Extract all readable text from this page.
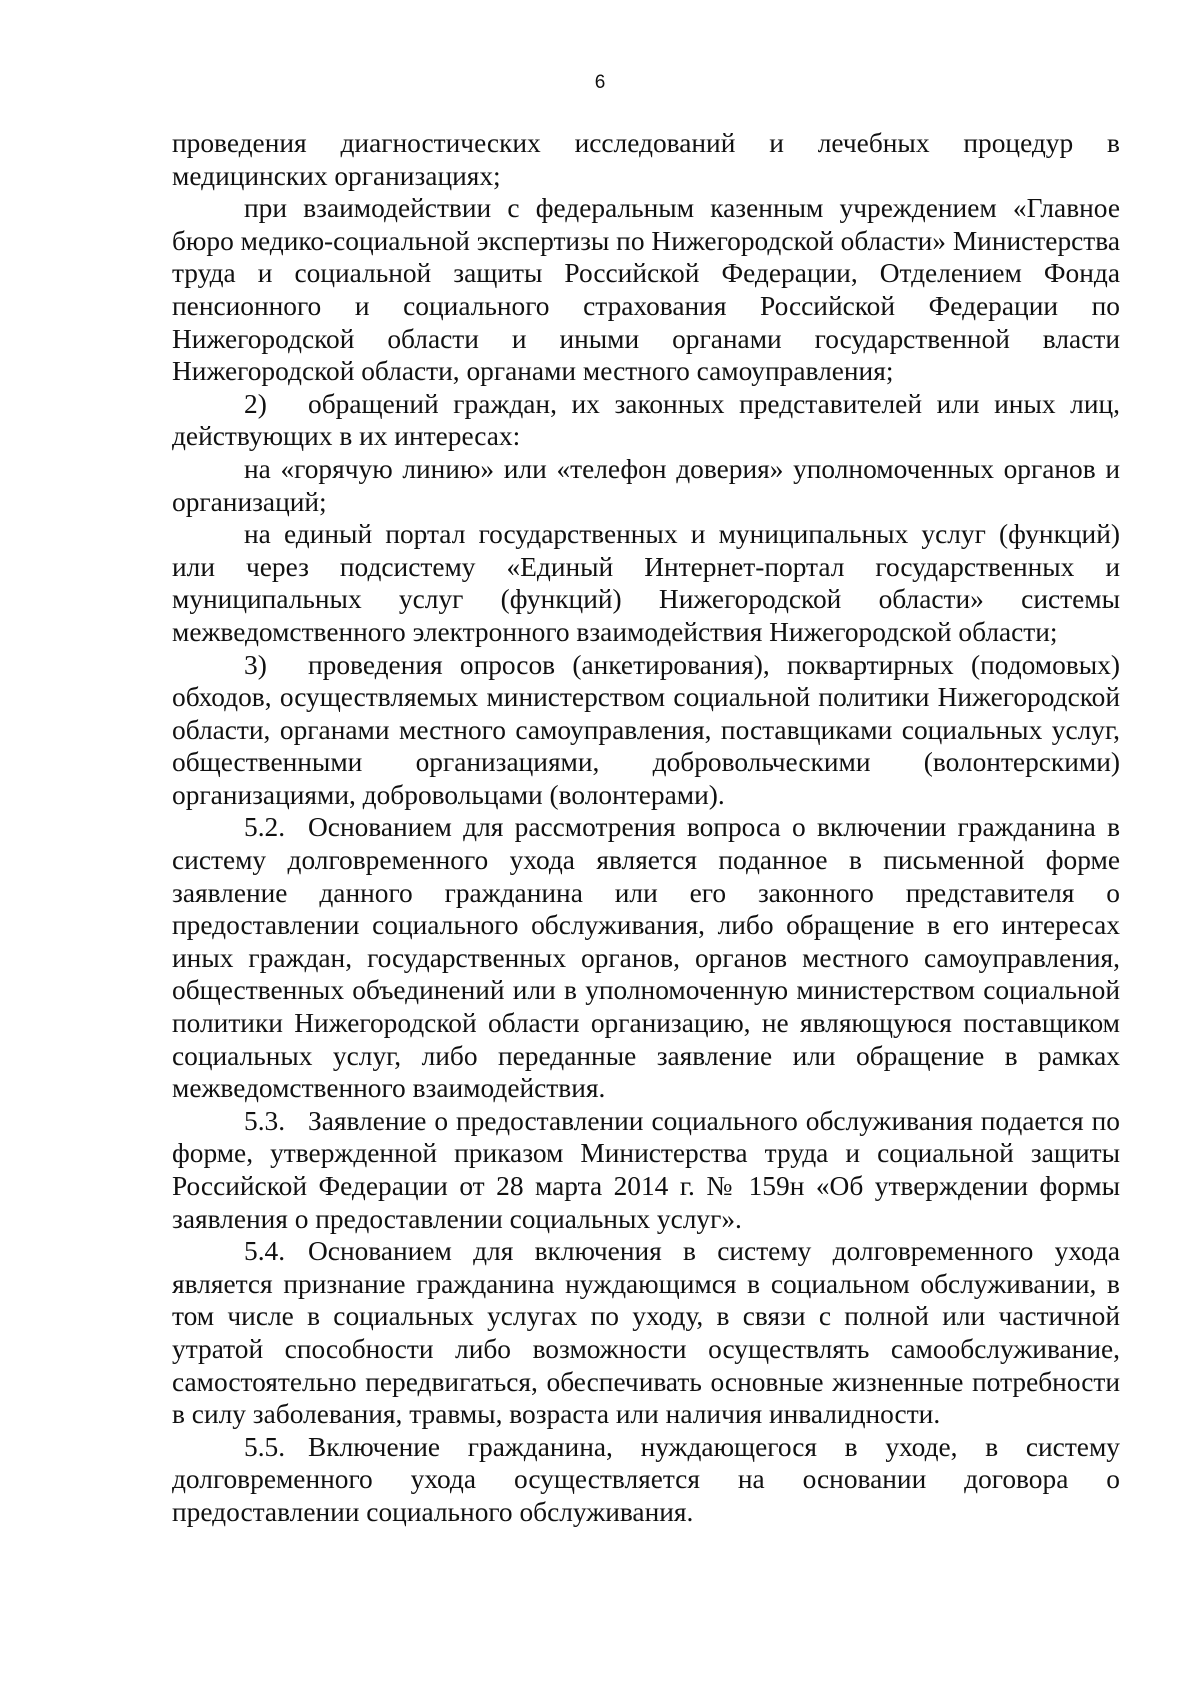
6

проведения диагностических исследований и лечебных процедур в медицинских организациях;

при взаимодействии с федеральным казенным учреждением «Главное бюро медико-социальной экспертизы по Нижегородской области» Министерства труда и социальной защиты Российской Федерации, Отделением Фонда пенсионного и социального страхования Российской Федерации по Нижегородской области и иными органами государственной власти Нижегородской области, органами местного самоуправления;

2) обращений граждан, их законных представителей или иных лиц, действующих в их интересах:

на «горячую линию» или «телефон доверия» уполномоченных органов и организаций;

на единый портал государственных и муниципальных услуг (функций) или через подсистему «Единый Интернет-портал государственных и муниципальных услуг (функций) Нижегородской области» системы межведомственного электронного взаимодействия Нижегородской области;

3) проведения опросов (анкетирования), поквартирных (подомовых) обходов, осуществляемых министерством социальной политики Нижегородской области, органами местного самоуправления, поставщиками социальных услуг, общественными организациями, добровольческими (волонтерскими) организациями, добровольцами (волонтерами).

5.2. Основанием для рассмотрения вопроса о включении гражданина в систему долговременного ухода является поданное в письменной форме заявление данного гражданина или его законного представителя о предоставлении социального обслуживания, либо обращение в его интересах иных граждан, государственных органов, органов местного самоуправления, общественных объединений или в уполномоченную министерством социальной политики Нижегородской области организацию, не являющуюся поставщиком социальных услуг, либо переданные заявление или обращение в рамках межведомственного взаимодействия.

5.3. Заявление о предоставлении социального обслуживания подается по форме, утвержденной приказом Министерства труда и социальной защиты Российской Федерации от 28 марта 2014 г. № 159н «Об утверждении формы заявления о предоставлении социальных услуг».

5.4. Основанием для включения в систему долговременного ухода является признание гражданина нуждающимся в социальном обслуживании, в том числе в социальных услугах по уходу, в связи с полной или частичной утратой способности либо возможности осуществлять самообслуживание, самостоятельно передвигаться, обеспечивать основные жизненные потребности в силу заболевания, травмы, возраста или наличия инвалидности.

5.5. Включение гражданина, нуждающегося в уходе, в систему долговременного ухода осуществляется на основании договора о предоставлении социального обслуживания.
